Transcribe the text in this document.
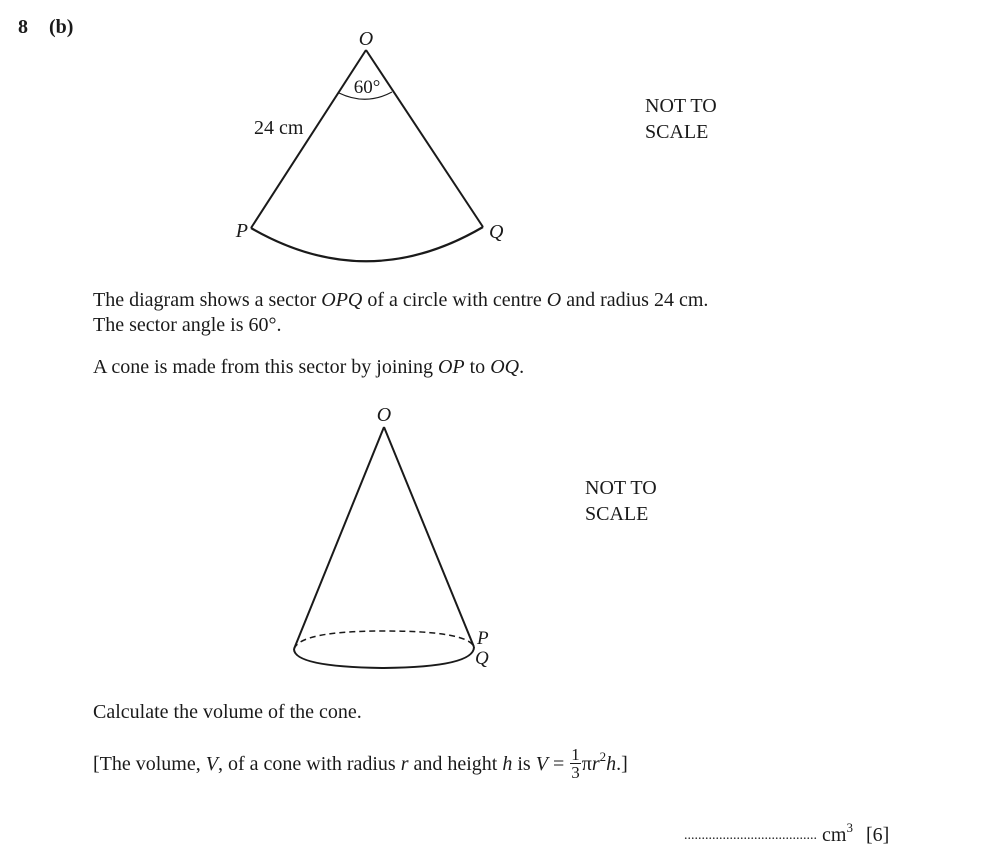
8 (b)
O
P	Q
60°
24 cm
NOT TO
SCALE
The diagram shows a sector OPQ of a circle with centre O and radius 24 cm.
The sector angle is 60°.
A cone is made from this sector by joining OP to OQ.
O
P
Q
NOT TO
SCALE
Calculate the volume of the cone.
[The volume, V, of a cone with radius r and height h is $V = \frac{1}{3} \pi r^2h$.]
...................................... $cm^3$ [6]
